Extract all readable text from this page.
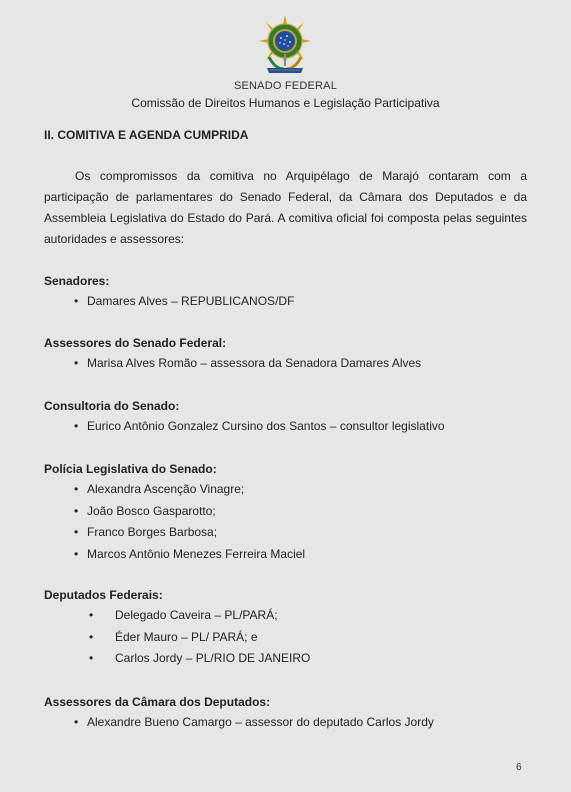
SENADO FEDERAL
Comissão de Direitos Humanos e Legislação Participativa
II. COMITIVA E AGENDA CUMPRIDA

Os compromissos da comitiva no Arquipélago de Marajó contaram com a participação de parlamentares do Senado Federal, da Câmara dos Deputados e da Assembleia Legislativa do Estado do Pará. A comitiva oficial foi composta pelas seguintes autoridades e assessores:

Senadores:
• Damares Alves – REPUBLICANOS/DF
Assessores do Senado Federal:
• Marisa Alves Romão – assessora da Senadora Damares Alves
Consultoria do Senado:
• Eurico Antônio Gonzalez Cursino dos Santos – consultor legislativo
Polícia Legislativa do Senado:
• Alexandra Ascenção Vinagre;
• João Bosco Gasparotto;
• Franco Borges Barbosa;
• Marcos Antônio Menezes Ferreira Maciel
Deputados Federais:
• Delegado Caveira – PL/PARÁ;
• Éder Mauro – PL/ PARÁ; e
• Carlos Jordy – PL/RIO DE JANEIRO
Assessores da Câmara dos Deputados:
• Alexandre Bueno Camargo – assessor do deputado Carlos Jordy
6
